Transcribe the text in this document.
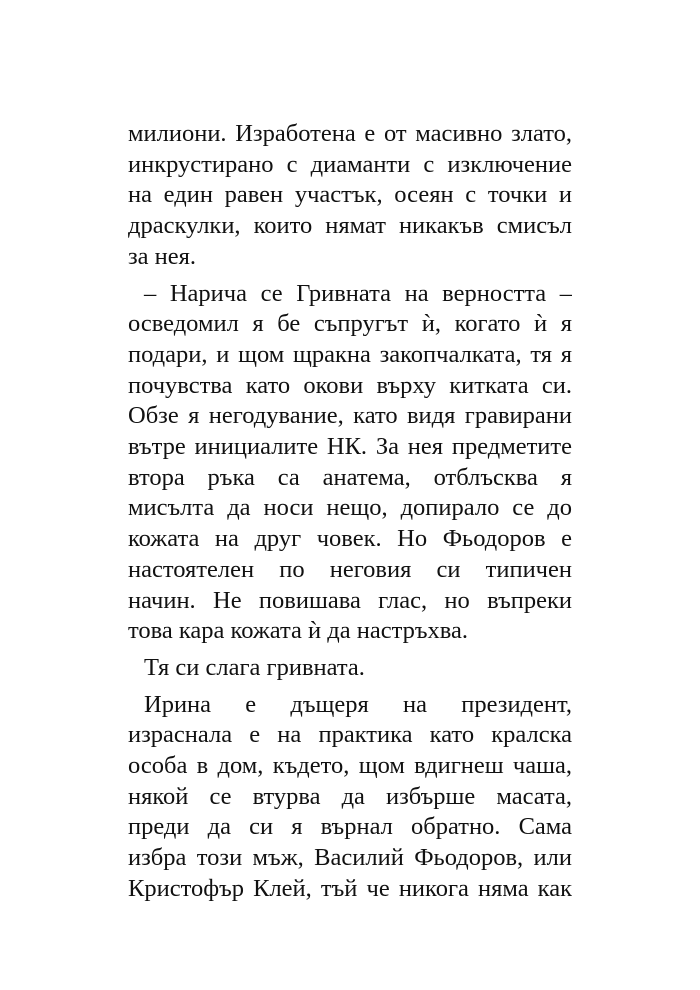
милиони. Изработена е от масивно злато,
инкрустирано с диаманти с изключение
на един равен участък, осеян с точки и
драскулки, които нямат никакъв смисъл
за нея.
– Нарича се Гривната на верността –
осведомил я бе съпругът ѝ, когато ѝ я
подари, и щом щракна закопчалката, тя я
почувства като окови върху китката си.
Обзе я негодувание, като видя гравирани
вътре инициалите НК. За нея предметите
втора ръка са анатема, отблъсква я
мисълта да носи нещо, допирало се до
кожата на друг човек. Но Фьодоров е
настоятелен по неговия си типичен
начин. Не повишава глас, но въпреки
това кара кожата ѝ да настръхва.
Тя си слага гривната.
Ирина е дъщеря на президент,
израснала е на практика като кралска
особа в дом, където, щом вдигнеш чаша,
някой се втурва да избърше масата,
преди да си я върнал обратно. Сама
избра този мъж, Василий Фьодоров, или
Кристофър Клей, тъй че никога няма как
